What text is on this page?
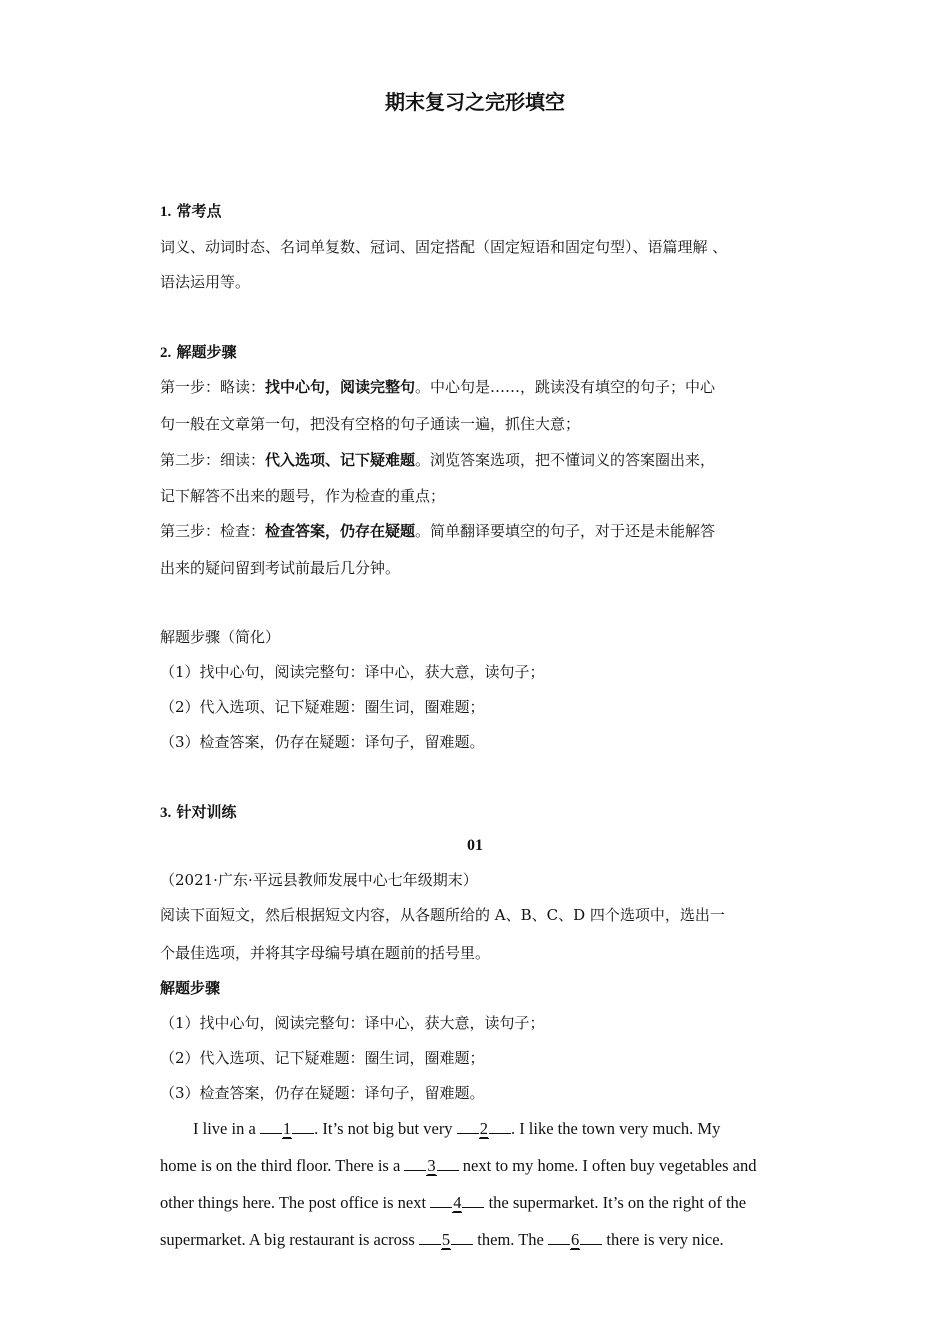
期末复习之完形填空
1. 常考点
词义、动词时态、名词单复数、冠词、固定搭配（固定短语和固定句型）、语篇理解 、
语法运用等。
2. 解题步骤
第一步：略读：找中心句，阅读完整句。中心句是……，跳读没有填空的句子；中心
句一般在文章第一句，把没有空格的句子通读一遍，抓住大意；
第二步：细读：代入选项、记下疑难题。浏览答案选项，把不懂词义的答案圈出来，
记下解答不出来的题号，作为检查的重点；
第三步：检查：检查答案，仍存在疑题。简单翻译要填空的句子，对于还是未能解答
出来的疑问留到考试前最后几分钟。
解题步骤（简化）
（1）找中心句，阅读完整句：译中心，获大意，读句子；
（2）代入选项、记下疑难题：圈生词，圈难题；
（3）检查答案，仍存在疑题：译句子，留难题。
3. 针对训练
01
（2021·广东·平远县教师发展中心七年级期末）
阅读下面短文，然后根据短文内容，从各题所给的 A、B、C、D 四个选项中，选出一
个最佳选项，并将其字母编号填在题前的括号里。
解题步骤
（1）找中心句，阅读完整句：译中心，获大意，读句子；
（2）代入选项、记下疑难题：圈生词，圈难题；
（3）检查答案，仍存在疑题：译句子，留难题。
I live in a 1 . It’s not big but very 2 . I like the town very much. My
home is on the third floor. There is a 3 next to my home. I often buy vegetables and
other things here. The post office is next 4 the supermarket. It’s on the right of the
supermarket. A big restaurant is across 5 them. The 6 there is very nice.
